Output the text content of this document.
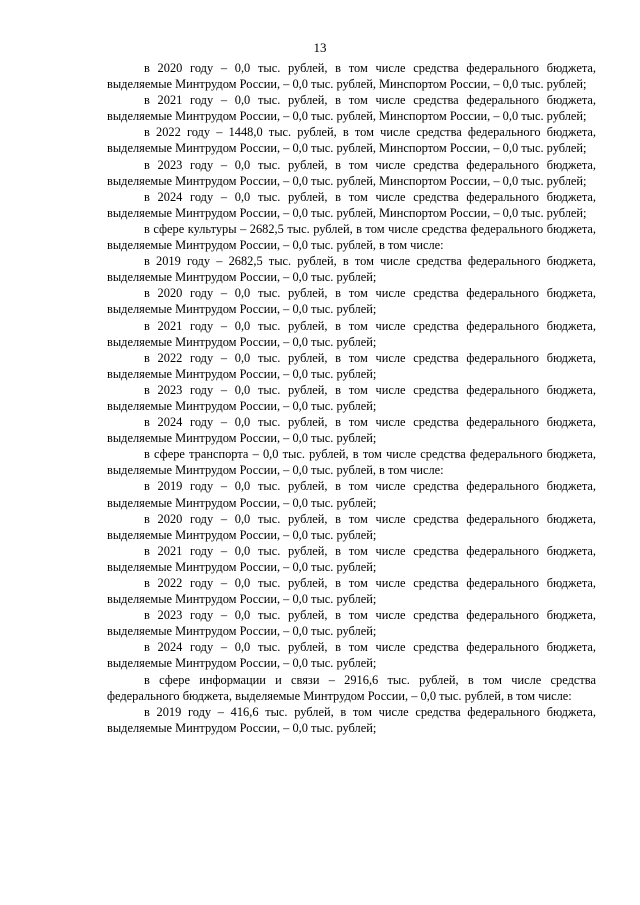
13

в 2020 году – 0,0 тыс. рублей, в том числе средства федерального бюджета, выделяемые Минтрудом России, – 0,0 тыс. рублей, Минспортом России, – 0,0 тыс. рублей;

в 2021 году – 0,0 тыс. рублей, в том числе средства федерального бюджета, выделяемые Минтрудом России, – 0,0 тыс. рублей, Минспортом России, – 0,0 тыс. рублей;

в 2022 году – 1448,0 тыс. рублей, в том числе средства федерального бюджета, выделяемые Минтрудом России, – 0,0 тыс. рублей, Минспортом России, – 0,0 тыс. рублей;

в 2023 году – 0,0 тыс. рублей, в том числе средства федерального бюджета, выделяемые Минтрудом России, – 0,0 тыс. рублей, Минспортом России, – 0,0 тыс. рублей;

в 2024 году – 0,0 тыс. рублей, в том числе средства федерального бюджета, выделяемые Минтрудом России, – 0,0 тыс. рублей, Минспортом России, – 0,0 тыс. рублей;

в сфере культуры – 2682,5 тыс. рублей, в том числе средства федерального бюджета, выделяемые Минтрудом России, – 0,0 тыс. рублей, в том числе:

в 2019 году – 2682,5 тыс. рублей, в том числе средства федерального бюджета, выделяемые Минтрудом России, – 0,0 тыс. рублей;

в 2020 году – 0,0 тыс. рублей, в том числе средства федерального бюджета, выделяемые Минтрудом России, – 0,0 тыс. рублей;

в 2021 году – 0,0 тыс. рублей, в том числе средства федерального бюджета, выделяемые Минтрудом России, – 0,0 тыс. рублей;

в 2022 году – 0,0 тыс. рублей, в том числе средства федерального бюджета, выделяемые Минтрудом России, – 0,0 тыс. рублей;

в 2023 году – 0,0 тыс. рублей, в том числе средства федерального бюджета, выделяемые Минтрудом России, – 0,0 тыс. рублей;

в 2024 году – 0,0 тыс. рублей, в том числе средства федерального бюджета, выделяемые Минтрудом России, – 0,0 тыс. рублей;

в сфере транспорта – 0,0 тыс. рублей, в том числе средства федерального бюджета, выделяемые Минтрудом России, – 0,0 тыс. рублей, в том числе:

в 2019 году – 0,0 тыс. рублей, в том числе средства федерального бюджета, выделяемые Минтрудом России, – 0,0 тыс. рублей;

в 2020 году – 0,0 тыс. рублей, в том числе средства федерального бюджета, выделяемые Минтрудом России, – 0,0 тыс. рублей;

в 2021 году – 0,0 тыс. рублей, в том числе средства федерального бюджета, выделяемые Минтрудом России, – 0,0 тыс. рублей;

в 2022 году – 0,0 тыс. рублей, в том числе средства федерального бюджета, выделяемые Минтрудом России, – 0,0 тыс. рублей;

в 2023 году – 0,0 тыс. рублей, в том числе средства федерального бюджета, выделяемые Минтрудом России, – 0,0 тыс. рублей;

в 2024 году – 0,0 тыс. рублей, в том числе средства федерального бюджета, выделяемые Минтрудом России, – 0,0 тыс. рублей;

в сфере информации и связи – 2916,6 тыс. рублей, в том числе средства федерального бюджета, выделяемые Минтрудом России, – 0,0 тыс. рублей, в том числе:

в 2019 году – 416,6 тыс. рублей, в том числе средства федерального бюджета, выделяемые Минтрудом России, – 0,0 тыс. рублей;
